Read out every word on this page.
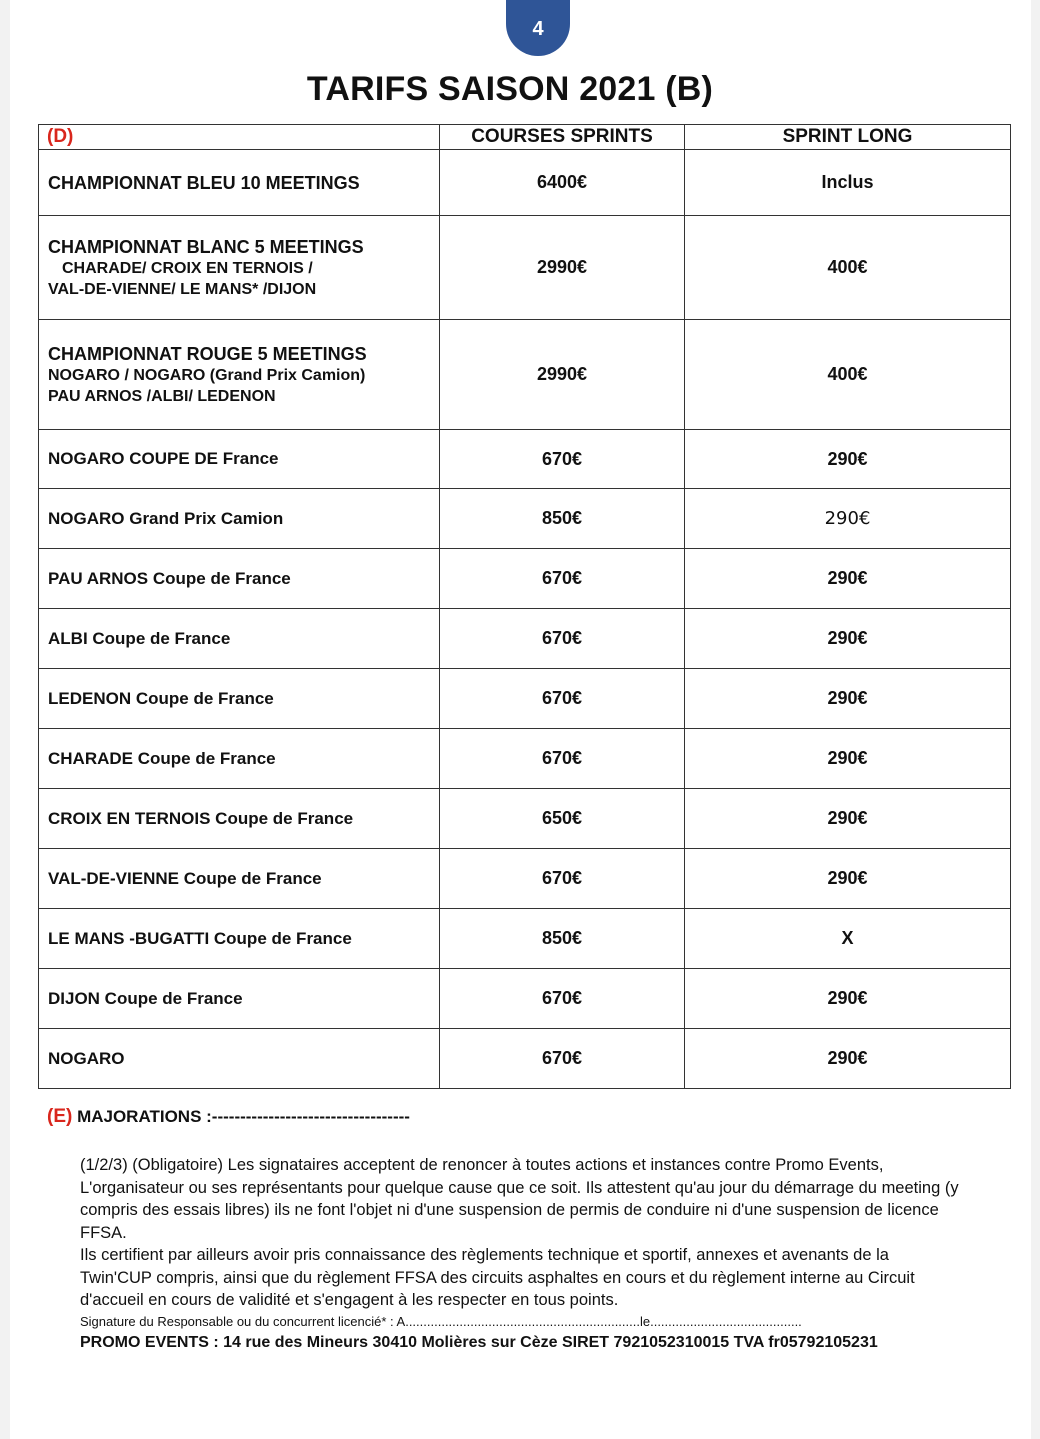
4
TARIFS SAISON 2021 (B)
(D)	COURSES SPRINTS	SPRINT LONG

CHAMPIONNAT BLEU 10 MEETINGS	6400€	Inclus

CHAMPIONNAT BLANC 5 MEETINGS
CHARADE/ CROIX EN TERNOIS /
VAL-DE-VIENNE/ LE MANS* /DIJON	2990€	400€

CHAMPIONNAT ROUGE 5 MEETINGS
NOGARO / NOGARO (Grand Prix Camion)
PAU ARNOS /ALBI/ LEDENON	2990€	400€
NOGARO COUPE DE France	670€	290€
NOGARO Grand Prix Camion	850€	290€
PAU ARNOS Coupe de France	670€	290€
ALBI Coupe de France	670€	290€
LEDENON Coupe de France	670€	290€
CHARADE Coupe de France	670€	290€
CROIX EN TERNOIS Coupe de France	650€	290€
VAL-DE-VIENNE Coupe de France	670€	290€
LE MANS -BUGATTI Coupe de France	850€	X
DIJON Coupe de France	670€	290€
NOGARO	670€	290€
(E) MAJORATIONS :-----------------------------------

(1/2/3) (Obligatoire) Les signataires acceptent de renoncer à toutes actions et instances contre Promo Events, L'organisateur ou ses représentants pour quelque cause que ce soit. Ils attestent qu'au jour du démarrage du meeting (y compris des essais libres) ils ne font l'objet ni d'une suspension de permis de conduire ni d'une suspension de licence FFSA.

Ils certifient par ailleurs avoir pris connaissance des règlements technique et sportif, annexes et avenants de la Twin'CUP compris, ainsi que du règlement FFSA des circuits asphaltes en cours et du règlement interne au Circuit d'accueil en cours de validité et s'engagent à les respecter en tous points.

Signature du Responsable ou du concurrent licencié* : A.................................................................le..........................................

PROMO EVENTS : 14 rue des Mineurs 30410 Molières sur Cèze SIRET 7921052310015 TVA fr05792105231
